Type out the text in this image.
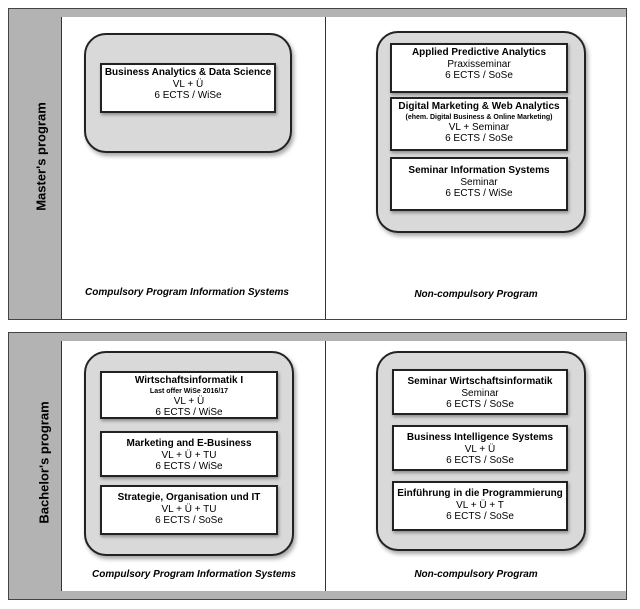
Master's program
Business Analytics & Data Science
VL + Ü
6 ECTS / WiSe
Compulsory Program Information Systems
Applied Predictive Analytics
Praxisseminar
6 ECTS / SoSe
Digital Marketing & Web Analytics
(ehem. Digital Business & Online Marketing)
VL + Seminar
6 ECTS / SoSe
Seminar Information Systems
Seminar
6 ECTS / WiSe
Non-compulsory Program
Bachelor's program
Wirtschaftsinformatik I
Last offer WiSe 2016/17
VL + Ü
6 ECTS / WiSe
Marketing and E-Business
VL + Ü + TU
6 ECTS / WiSe
Strategie, Organisation und IT
VL + Ü + TU
6 ECTS / SoSe
Compulsory Program Information Systems
Seminar Wirtschaftsinformatik
Seminar
6 ECTS / SoSe
Business Intelligence Systems
VL + Ü
6 ECTS / SoSe
Einführung in die Programmierung
VL + Ü + T
6 ECTS / SoSe
Non-compulsory Program
